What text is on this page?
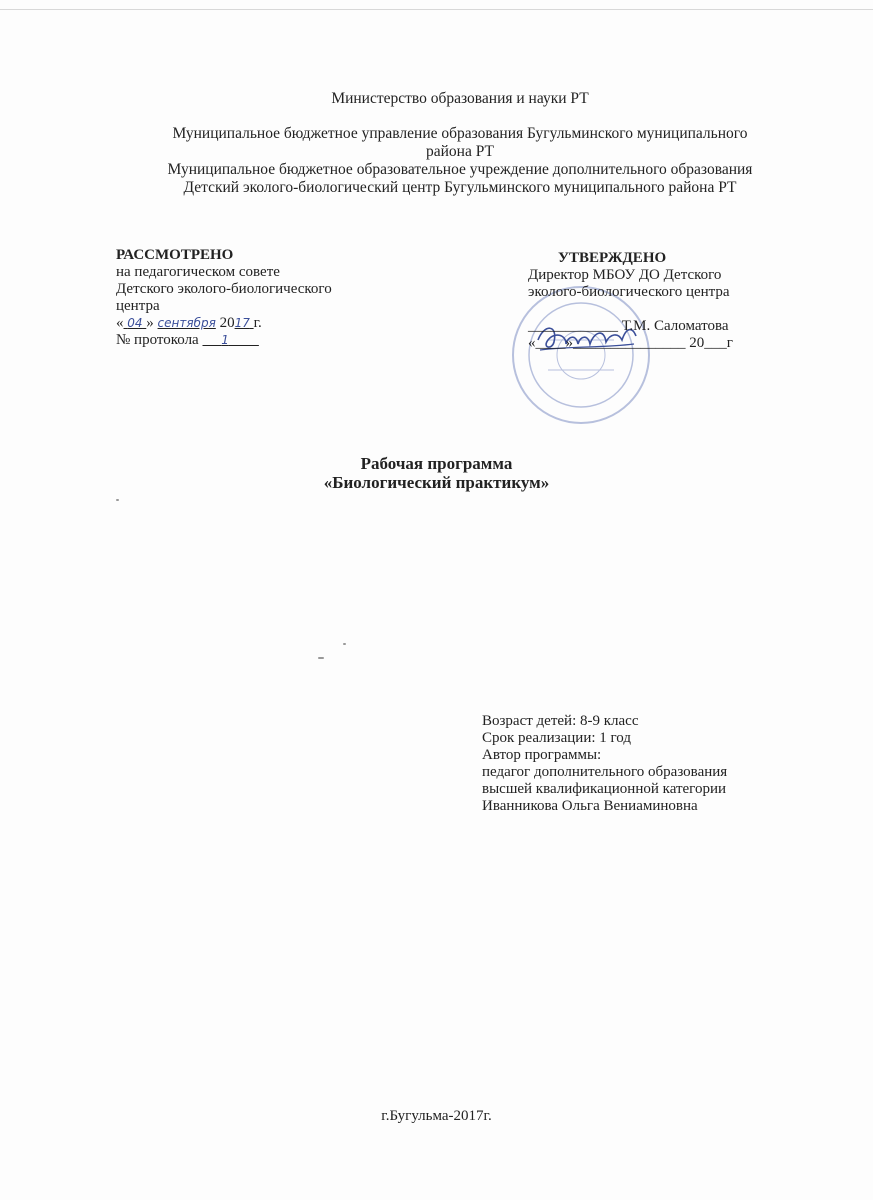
Министерство образования и науки РТ
Муниципальное бюджетное управление образования Бугульминского муниципального
района РТ
Муниципальное бюджетное образовательное учреждение дополнительного образования
Детский эколого-биологический центр Бугульминского муниципального района РТ
РАССМОТРЕНО
на педагогическом совете
Детского эколого-биологического
центра
« 04 » сентября 2017 г.
№ протокола 1
УТВЕРЖДЕНО
Директор МБОУ ДО Детского
эколого-биологического центра
____________ Т.М. Саломатова
«____»_______________ 20___г
Рабочая программа
«Биологический практикум»
Возраст детей: 8-9 класс
Срок реализации: 1 год
Автор программы:
педагог дополнительного образования
высшей квалификационной категории
Иванникова Ольга Вениаминовна
г.Бугульма-2017г.
